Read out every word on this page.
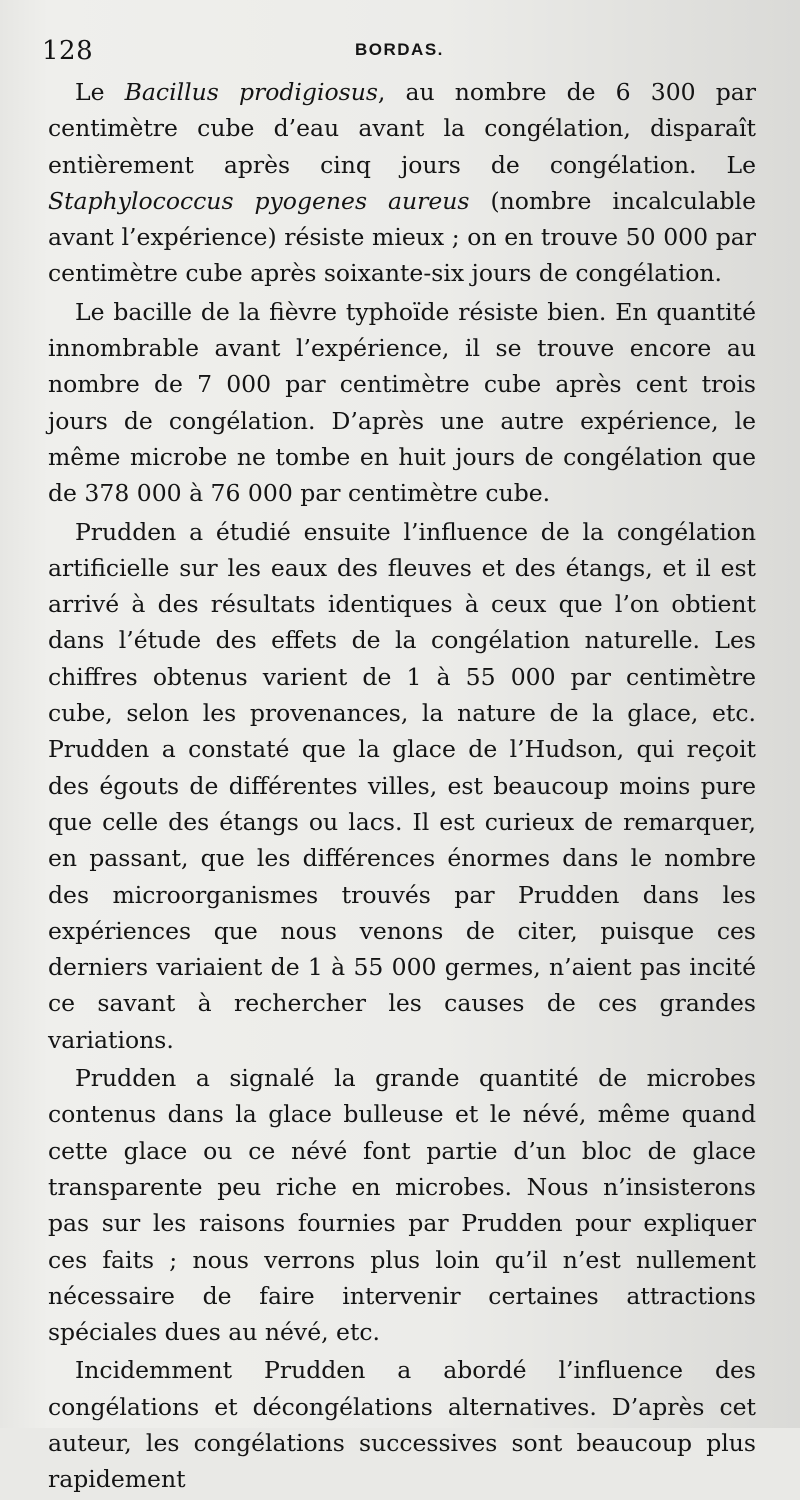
128	BORDAS.

Le Bacillus prodigiosus, au nombre de 6 300 par centimètre cube d’eau avant la congélation, disparaît entièrement après cinq jours de congélation. Le Staphylococcus pyogenes aureus (nombre incalculable avant l’expérience) résiste mieux ; on en trouve 50 000 par centimètre cube après soixante-six jours de congélation.

Le bacille de la fièvre typhoïde résiste bien. En quantité innombrable avant l’expérience, il se trouve encore au nombre de 7 000 par centimètre cube après cent trois jours de congélation. D’après une autre expérience, le même microbe ne tombe en huit jours de congélation que de 378 000 à 76 000 par centimètre cube.

Prudden a étudié ensuite l’influence de la congélation artificielle sur les eaux des fleuves et des étangs, et il est arrivé à des résultats identiques à ceux que l’on obtient dans l’étude des effets de la congélation naturelle. Les chiffres obtenus varient de 1 à 55 000 par centimètre cube, selon les provenances, la nature de la glace, etc. Prudden a constaté que la glace de l’Hudson, qui reçoit des égouts de différentes villes, est beaucoup moins pure que celle des étangs ou lacs. Il est curieux de remarquer, en passant, que les différences énormes dans le nombre des microorganismes trouvés par Prudden dans les expériences que nous venons de citer, puisque ces derniers variaient de 1 à 55 000 germes, n’aient pas incité ce savant à rechercher les causes de ces grandes variations.

Prudden a signalé la grande quantité de microbes contenus dans la glace bulleuse et le névé, même quand cette glace ou ce névé font partie d’un bloc de glace transparente peu riche en microbes. Nous n’insisterons pas sur les raisons fournies par Prudden pour expliquer ces faits ; nous verrons plus loin qu’il n’est nullement nécessaire de faire intervenir certaines attractions spéciales dues au névé, etc.

Incidemment Prudden a abordé l’influence des congélations et décongélations alternatives. D’après cet auteur, les congélations successives sont beaucoup plus rapidement
